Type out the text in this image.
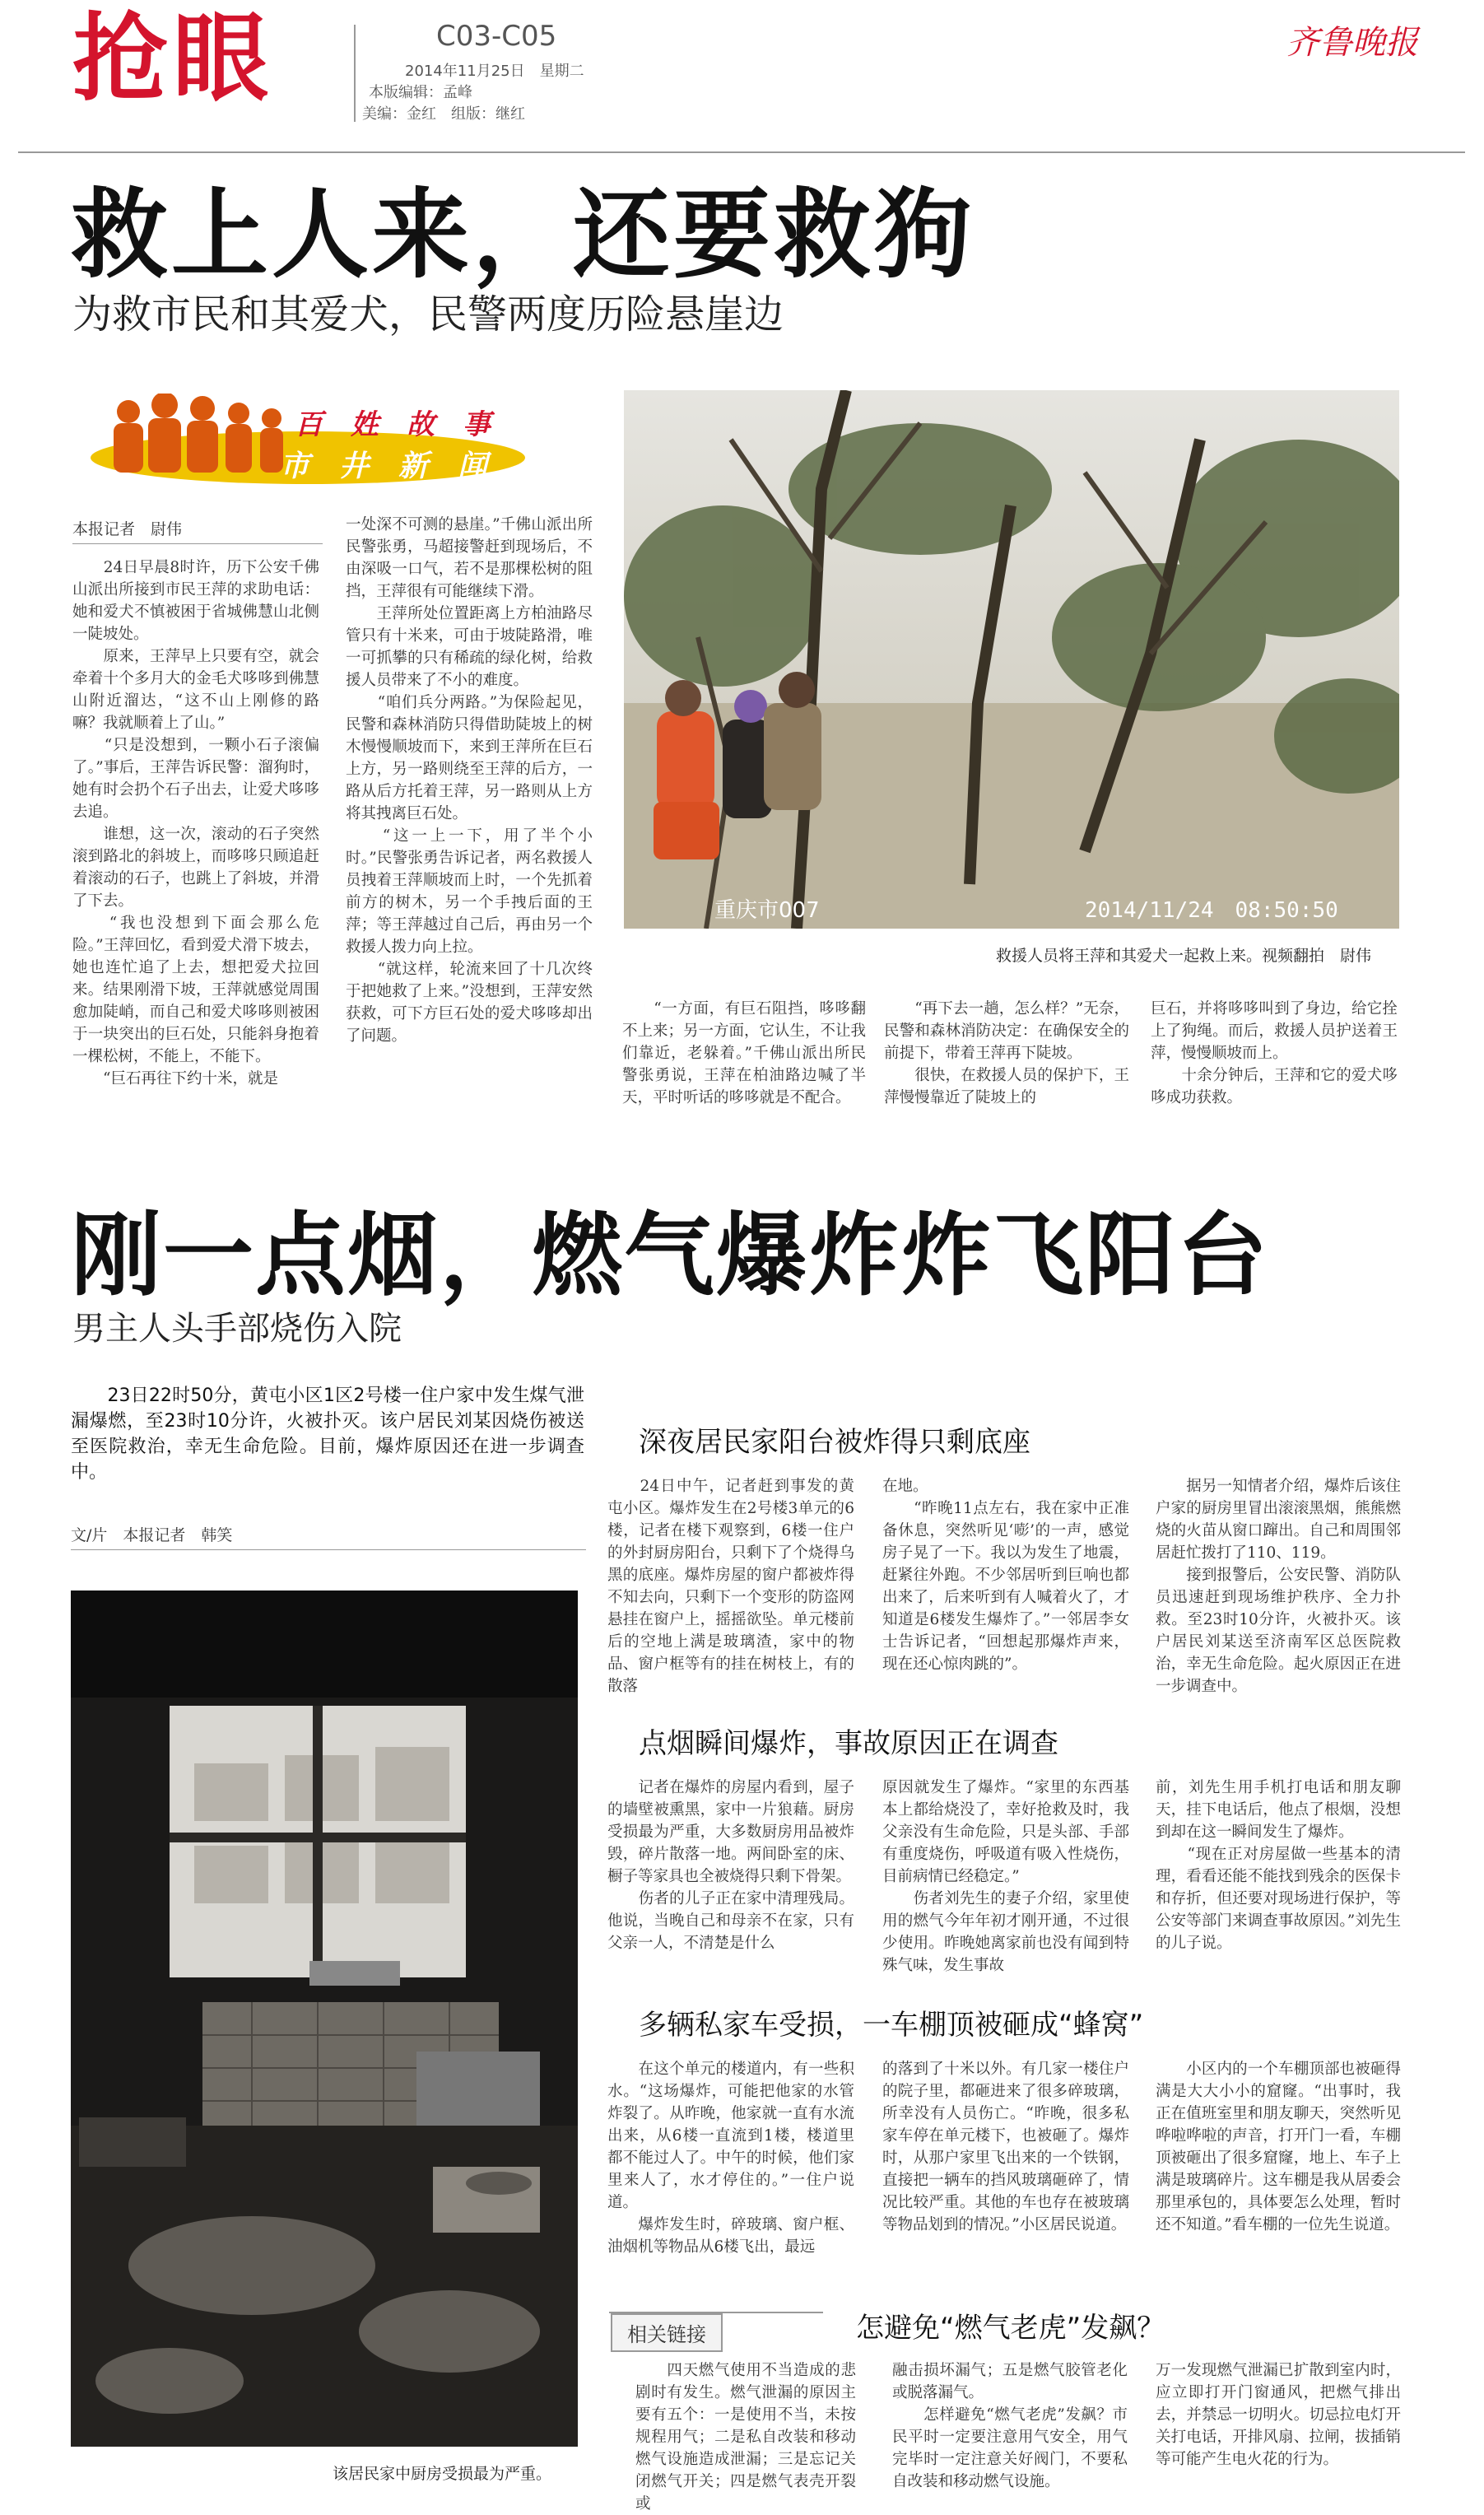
抢眼	C03-C05
2014年11月25日　星期二
本版编辑：孟峰
美编：金红　组版：继红
齐鲁晚报
救上人来，还要救狗
为救市民和其爱犬，民警两度历险悬崖边
百　姓　故　事
市　井　新　闻
本报记者　尉伟
　　24日早晨8时许，历下公安千佛山派出所接到市民王萍的求助电话：她和爱犬不慎被困于省城佛慧山北侧一陡坡处。
　　原来，王萍早上只要有空，就会牵着十个多月大的金毛犬哆哆到佛慧山附近溜达，“这不山上刚修的路嘛？我就顺着上了山。”
　　“只是没想到，一颗小石子滚偏了。”事后，王萍告诉民警：溜狗时，她有时会扔个石子出去，让爱犬哆哆去追。
　　谁想，这一次，滚动的石子突然滚到路北的斜坡上，而哆哆只顾追赶着滚动的石子，也跳上了斜坡，并滑了下去。
　　“我也没想到下面会那么危险。”王萍回忆，看到爱犬滑下坡去，她也连忙追了上去，想把爱犬拉回来。结果刚滑下坡，王萍就感觉周围愈加陡峭，而自己和爱犬哆哆则被困于一块突出的巨石处，只能斜身抱着一棵松树，不能上，不能下。
　　“巨石再往下约十米，就是
一处深不可测的悬崖。”千佛山派出所民警张勇，马超接警赶到现场后，不由深吸一口气，若不是那棵松树的阻挡，王萍很有可能继续下滑。
　　王萍所处位置距离上方柏油路尽管只有十米来，可由于坡陡路滑，唯一可抓攀的只有稀疏的绿化树，给救援人员带来了不小的难度。
　　“咱们兵分两路。”为保险起见，民警和森林消防只得借助陡坡上的树木慢慢顺坡而下，来到王萍所在巨石上方，另一路则绕至王萍的后方，一路从后方托着王萍，另一路则从上方将其拽离巨石处。
　　“这一上一下，用了半个小时。”民警张勇告诉记者，两名救援人员拽着王萍顺坡而上时，一个先抓着前方的树木，另一个手拽后面的王萍；等王萍越过自己后，再由另一个救援人拨力向上拉。
　　“就这样，轮流来回了十几次终于把她救了上来。”没想到，王萍安然获救，可下方巨石处的爱犬哆哆却出了问题。
重庆市007	2014/11/24　08:50:50
救援人员将王萍和其爱犬一起救上来。视频翻拍　尉伟
　　“一方面，有巨石阻挡，哆哆翻不上来；另一方面，它认生，不让我们靠近，老躲着。”千佛山派出所民警张勇说，王萍在柏油路边喊了半天，平时听话的哆哆就是不配合。
　　“再下去一趟，怎么样？”无奈，民警和森林消防决定：在确保安全的前提下，带着王萍再下陡坡。
　　很快，在救援人员的保护下，王萍慢慢靠近了陡坡上的
巨石，并将哆哆叫到了身边，给它拴上了狗绳。而后，救援人员护送着王萍，慢慢顺坡而上。
　　十余分钟后，王萍和它的爱犬哆哆成功获救。
刚一点烟，燃气爆炸炸飞阳台
男主人头手部烧伤入院
　　23日22时50分，黄屯小区1区2号楼一住户家中发生煤气泄漏爆燃，至23时10分许，火被扑灭。该户居民刘某因烧伤被送至医院救治，幸无生命危险。目前，爆炸原因还在进一步调查中。
文/片　本报记者　韩笑
该居民家中厨房受损最为严重。
深夜居民家阳台被炸得只剩底座
　　24日中午，记者赶到事发的黄屯小区。爆炸发生在2号楼3单元的6楼，记者在楼下观察到，6楼一住户的外封厨房阳台，只剩下了个烧得乌黑的底座。爆炸房屋的窗户都被炸得不知去向，只剩下一个变形的防盗网悬挂在窗户上，摇摇欲坠。单元楼前后的空地上满是玻璃渣，家中的物品、窗户框等有的挂在树枝上，有的散落
在地。
　　“昨晚11点左右，我在家中正准备休息，突然听见‘嘭’的一声，感觉房子晃了一下。我以为发生了地震，赶紧往外跑。不少邻居听到巨响也都出来了，后来听到有人喊着火了，才知道是6楼发生爆炸了。”一邻居李女士告诉记者，“回想起那爆炸声来，现在还心惊肉跳的”。
　　据另一知情者介绍，爆炸后该住户家的厨房里冒出滚滚黑烟，熊熊燃烧的火苗从窗口蹿出。自己和周围邻居赶忙拨打了110、119。
　　接到报警后，公安民警、消防队员迅速赶到现场维护秩序、全力扑救。至23时10分许，火被扑灭。该户居民刘某送至济南军区总医院救治，幸无生命危险。起火原因正在进一步调查中。
点烟瞬间爆炸，事故原因正在调查
　　记者在爆炸的房屋内看到，屋子的墙壁被熏黑，家中一片狼藉。厨房受损最为严重，大多数厨房用品被炸毁，碎片散落一地。两间卧室的床、橱子等家具也全被烧得只剩下骨架。
　　伤者的儿子正在家中清理残局。他说，当晚自己和母亲不在家，只有父亲一人，不清楚是什么
原因就发生了爆炸。“家里的东西基本上都给烧没了，幸好抢救及时，我父亲没有生命危险，只是头部、手部有重度烧伤，呼吸道有吸入性烧伤，目前病情已经稳定。”
　　伤者刘先生的妻子介绍，家里使用的燃气今年年初才刚开通，不过很少使用。昨晚她离家前也没有闻到特殊气味，发生事故
前，刘先生用手机打电话和朋友聊天，挂下电话后，他点了根烟，没想到却在这一瞬间发生了爆炸。
　　“现在正对房屋做一些基本的清理，看看还能不能找到残余的医保卡和存折，但还要对现场进行保护，等公安等部门来调查事故原因。”刘先生的儿子说。
多辆私家车受损，一车棚顶被砸成“蜂窝”
　　在这个单元的楼道内，有一些积水。“这场爆炸，可能把他家的水管炸裂了。从昨晚，他家就一直有水流出来，从6楼一直流到1楼，楼道里都不能过人了。中午的时候，他们家里来人了，水才停住的。”一住户说道。
　　爆炸发生时，碎玻璃、窗户框、油烟机等物品从6楼飞出，最远
的落到了十米以外。有几家一楼住户的院子里，都砸进来了很多碎玻璃，所幸没有人员伤亡。“昨晚，很多私家车停在单元楼下，也被砸了。爆炸时，从那户家里飞出来的一个铁钢，直接把一辆车的挡风玻璃砸碎了，情况比较严重。其他的车也存在被玻璃等物品划到的情况。”小区居民说道。
　　小区内的一个车棚顶部也被砸得满是大大小小的窟窿。“出事时，我正在值班室里和朋友聊天，突然听见哗啦哗啦的声音，打开门一看，车棚顶被砸出了很多窟窿，地上、车子上满是玻璃碎片。这车棚是我从居委会那里承包的，具体要怎么处理，暂时还不知道。”看车棚的一位先生说道。
相关链接	怎避免“燃气老虎”发飙？
　　四天燃气使用不当造成的悲剧时有发生。燃气泄漏的原因主要有五个：一是使用不当，未按规程用气；二是私自改装和移动燃气设施造成泄漏；三是忘记关闭燃气开关；四是燃气表壳开裂或
融击损坏漏气；五是燃气胶管老化或脱落漏气。
　　怎样避免“燃气老虎”发飙？市民平时一定要注意用气安全，用气完毕时一定注意关好阀门，不要私自改装和移动燃气设施。
万一发现燃气泄漏已扩散到室内时，应立即打开门窗通风，把燃气排出去，并禁忌一切明火。切忌拉电灯开关打电话，开排风扇、拉闸，拔插销等可能产生电火花的行为。
